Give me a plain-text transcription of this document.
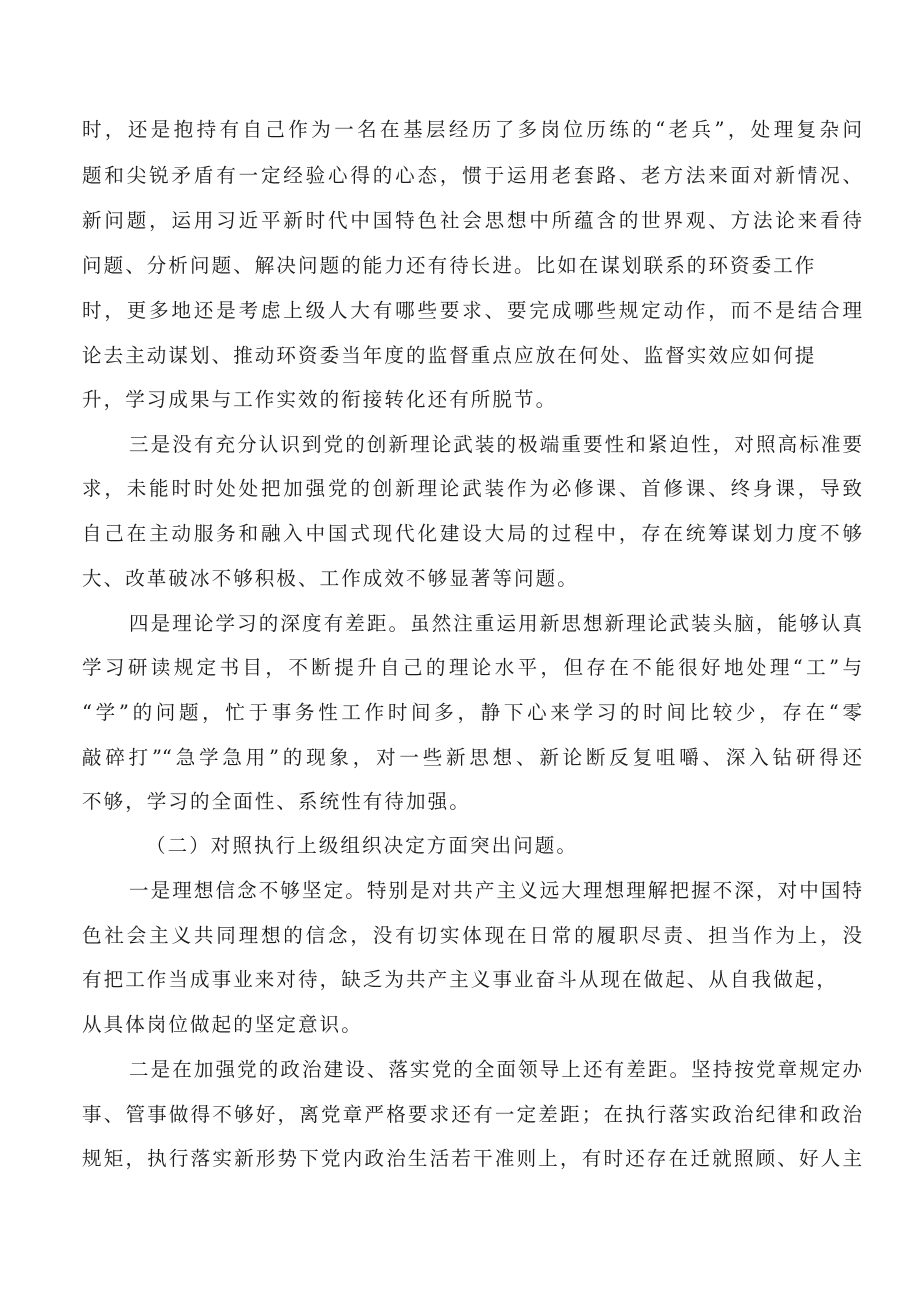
时，还是抱持有自己作为一名在基层经历了多岗位历练的“老兵”，处理复杂问
题和尖锐矛盾有一定经验心得的心态，惯于运用老套路、老方法来面对新情况、
新问题，运用习近平新时代中国特色社会思想中所蕴含的世界观、方法论来看待
问题、分析问题、解决问题的能力还有待长进。比如在谋划联系的环资委工作
时，更多地还是考虑上级人大有哪些要求、要完成哪些规定动作，而不是结合理
论去主动谋划、推动环资委当年度的监督重点应放在何处、监督实效应如何提
升，学习成果与工作实效的衔接转化还有所脱节。
三是没有充分认识到党的创新理论武装的极端重要性和紧迫性，对照高标准要
求，未能时时处处把加强党的创新理论武装作为必修课、首修课、终身课，导致
自己在主动服务和融入中国式现代化建设大局的过程中，存在统筹谋划力度不够
大、改革破冰不够积极、工作成效不够显著等问题。
四是理论学习的深度有差距。虽然注重运用新思想新理论武装头脑，能够认真
学习研读规定书目，不断提升自己的理论水平，但存在不能很好地处理“工”与
“学”的问题，忙于事务性工作时间多，静下心来学习的时间比较少，存在“零
敲碎打”“急学急用”的现象，对一些新思想、新论断反复咀嚼、深入钻研得还
不够，学习的全面性、系统性有待加强。
（二）对照执行上级组织决定方面突出问题。
一是理想信念不够坚定。特别是对共产主义远大理想理解把握不深，对中国特
色社会主义共同理想的信念，没有切实体现在日常的履职尽责、担当作为上，没
有把工作当成事业来对待，缺乏为共产主义事业奋斗从现在做起、从自我做起，
从具体岗位做起的坚定意识。
二是在加强党的政治建设、落实党的全面领导上还有差距。坚持按党章规定办
事、管事做得不够好，离党章严格要求还有一定差距；在执行落实政治纪律和政治
规矩，执行落实新形势下党内政治生活若干准则上，有时还存在迁就照顾、好人主
